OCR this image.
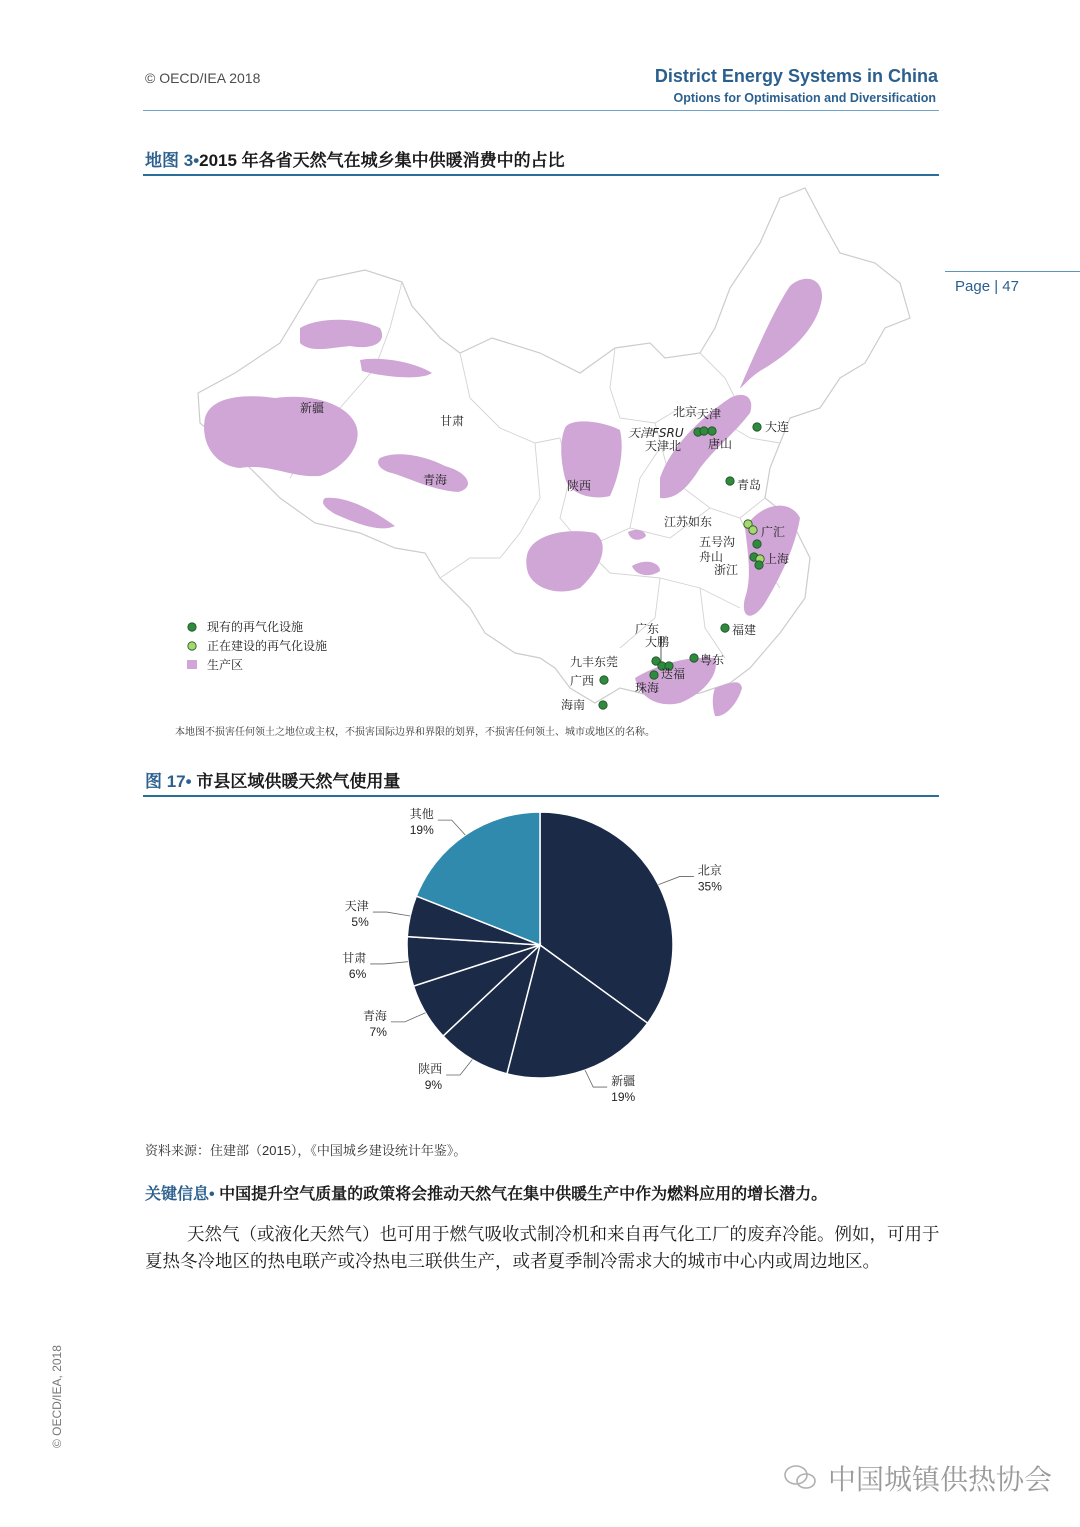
© OECD/IEA 2018	District Energy Systems in China
Options for Optimisation and Diversification
Page | 47
地图 3•2015 年各省天然气在城乡集中供暖消费中的占比
新疆
甘肃
青海	陕西
北京 天津
唐山
大连
天津FSRU
天津北
青岛
江苏如东
广汇
五号沟
舟山	上海
浙江
福建
广东
大鹏
九丰东莞	粤东
迭福
广西	珠海
海南
现有的再气化设施
正在建设的再气化设施
生产区
本地图不损害任何领土之地位或主权，不损害国际边界和界限的划界，不损害任何领土、城市或地区的名称。
图 17• 市县区域供暖天然气使用量
北京
35%
新疆
19%
陕西
9%
青海
7%
甘肃
6%
天津
5%
其他
19%
资料来源：住建部（2015），《中国城乡建设统计年鉴》。
关键信息• 中国提升空气质量的政策将会推动天然气在集中供暖生产中作为燃料应用的增长潜力。
天然气（或液化天然气）也可用于燃气吸收式制冷机和来自再气化工厂的废弃冷能。例如，可用于夏热冬冷地区的热电联产或冷热电三联供生产，或者夏季制冷需求大的城市中心内或周边地区。
© OECD/IEA, 2018
中国城镇供热协会
